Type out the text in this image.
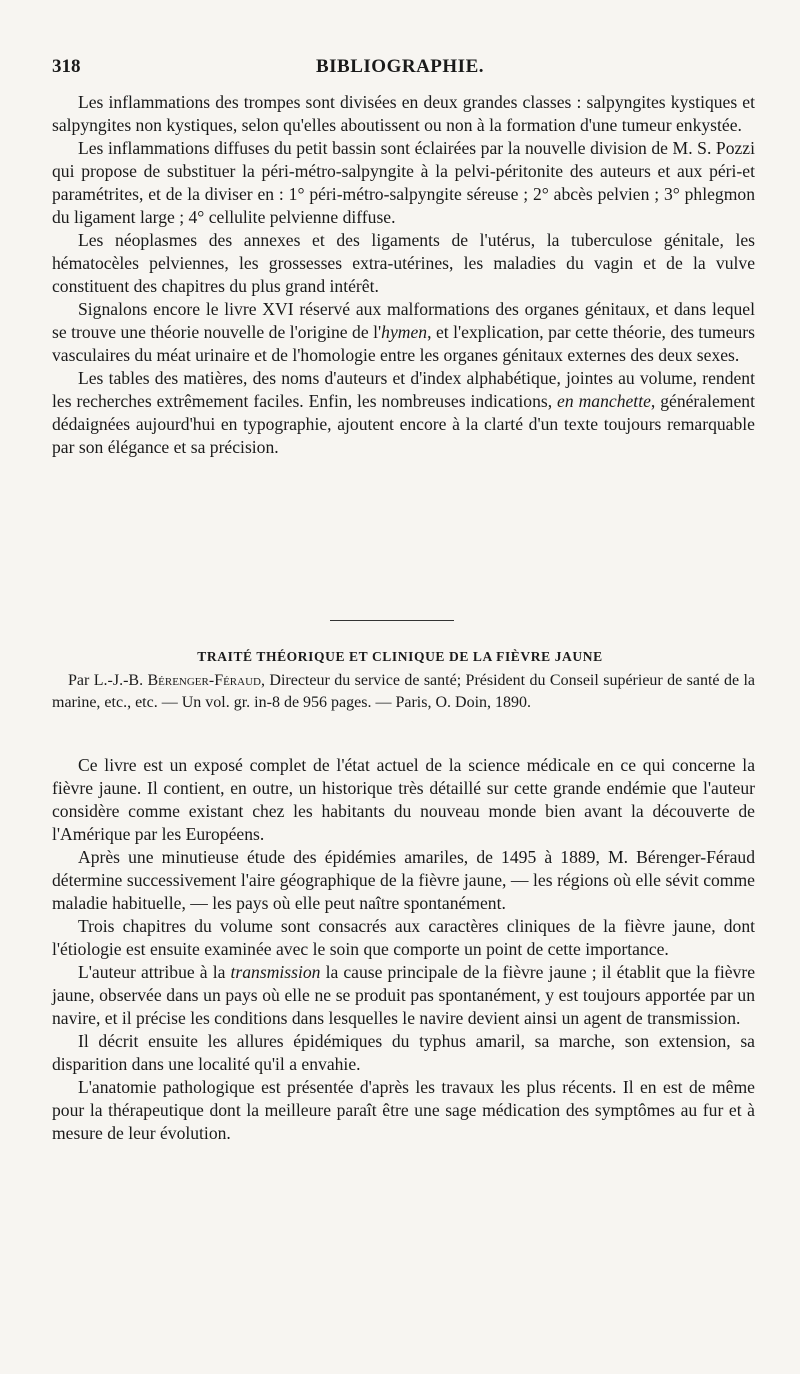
318	BIBLIOGRAPHIE.

Les inflammations des trompes sont divisées en deux grandes classes : salpyngites kystiques et salpyngites non kystiques, selon qu'elles aboutissent ou non à la formation d'une tumeur enkystée.

Les inflammations diffuses du petit bassin sont éclairées par la nouvelle division de M. S. Pozzi qui propose de substituer la péri-métro-salpyngite à la pelvi-péritonite des auteurs et aux péri-et paramétrites, et de la diviser en : 1° péri-métro-salpyngite séreuse ; 2° abcès pelvien ; 3° phlegmon du ligament large ; 4° cellulite pelvienne diffuse.

Les néoplasmes des annexes et des ligaments de l'utérus, la tuberculose génitale, les hématocèles pelviennes, les grossesses extra-utérines, les maladies du vagin et de la vulve constituent des chapitres du plus grand intérêt.

Signalons encore le livre XVI réservé aux malformations des organes génitaux, et dans lequel se trouve une théorie nouvelle de l'origine de l'hymen, et l'explication, par cette théorie, des tumeurs vasculaires du méat urinaire et de l'homologie entre les organes génitaux externes des deux sexes.

Les tables des matières, des noms d'auteurs et d'index alphabétique, jointes au volume, rendent les recherches extrêmement faciles. Enfin, les nombreuses indications, en manchette, généralement dédaignées aujourd'hui en typographie, ajoutent encore à la clarté d'un texte toujours remarquable par son élégance et sa précision.

TRAITÉ THÉORIQUE ET CLINIQUE DE LA FIÈVRE JAUNE

Par L.-J.-B. Bérenger-Féraud, Directeur du service de santé; Président du Conseil supérieur de santé de la marine, etc., etc. — Un vol. gr. in-8 de 956 pages. — Paris, O. Doin, 1890.

Ce livre est un exposé complet de l'état actuel de la science médicale en ce qui concerne la fièvre jaune. Il contient, en outre, un historique très détaillé sur cette grande endémie que l'auteur considère comme existant chez les habitants du nouveau monde bien avant la découverte de l'Amérique par les Européens.

Après une minutieuse étude des épidémies amariles, de 1495 à 1889, M. Bérenger-Féraud détermine successivement l'aire géographique de la fièvre jaune, — les régions où elle sévit comme maladie habituelle, — les pays où elle peut naître spontanément.

Trois chapitres du volume sont consacrés aux caractères cliniques de la fièvre jaune, dont l'étiologie est ensuite examinée avec le soin que comporte un point de cette importance.

L'auteur attribue à la transmission la cause principale de la fièvre jaune ; il établit que la fièvre jaune, observée dans un pays où elle ne se produit pas spontanément, y est toujours apportée par un navire, et il précise les conditions dans lesquelles le navire devient ainsi un agent de transmission.

Il décrit ensuite les allures épidémiques du typhus amaril, sa marche, son extension, sa disparition dans une localité qu'il a envahie.

L'anatomie pathologique est présentée d'après les travaux les plus récents. Il en est de même pour la thérapeutique dont la meilleure paraît être une sage médication des symptômes au fur et à mesure de leur évolution.
